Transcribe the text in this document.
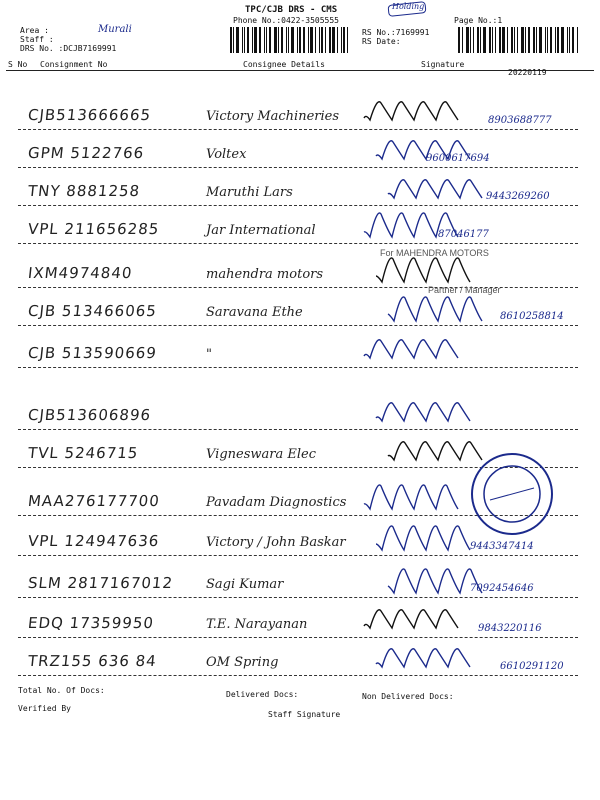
TPC/CJB DRS - CMS	Holding
Phone No.:0422-3505555	Page No.:1
Area :	Murali
Staff :
DRS No. :DCJB7169991
RS No.:7169991
RS Date:
S No Consignment No	Consignee Details	Signature
20220119
CJB513666665	Victory Machineries	8903688777
GPM 5122766	Voltex	9600617694
TNY 8881258	Maruthi Lars	9443269260
VPL 211656285	Jar International	87046177
IXM4974840	mahendra motors
CJB 513466065	Saravana Ethe	8610258814
CJB 513590669	"
CJB513606896
TVL 5246715	Vigneswara Elec
MAA276177700	Pavadam Diagnostics
VPL 124947636	Victory / John Baskar	9443347414
SLM 2817167012 Sagi Kumar	7092454646
EDQ 17359950	T.E. Narayanan	9843220116
TRZ155 636 84	OM Spring	6610291120
For MAHENDRA MOTORS
Partner / Manager
Total No. Of Docs:	Delivered Docs:	Non Delivered Docs:
Verified By
Staff Signature
